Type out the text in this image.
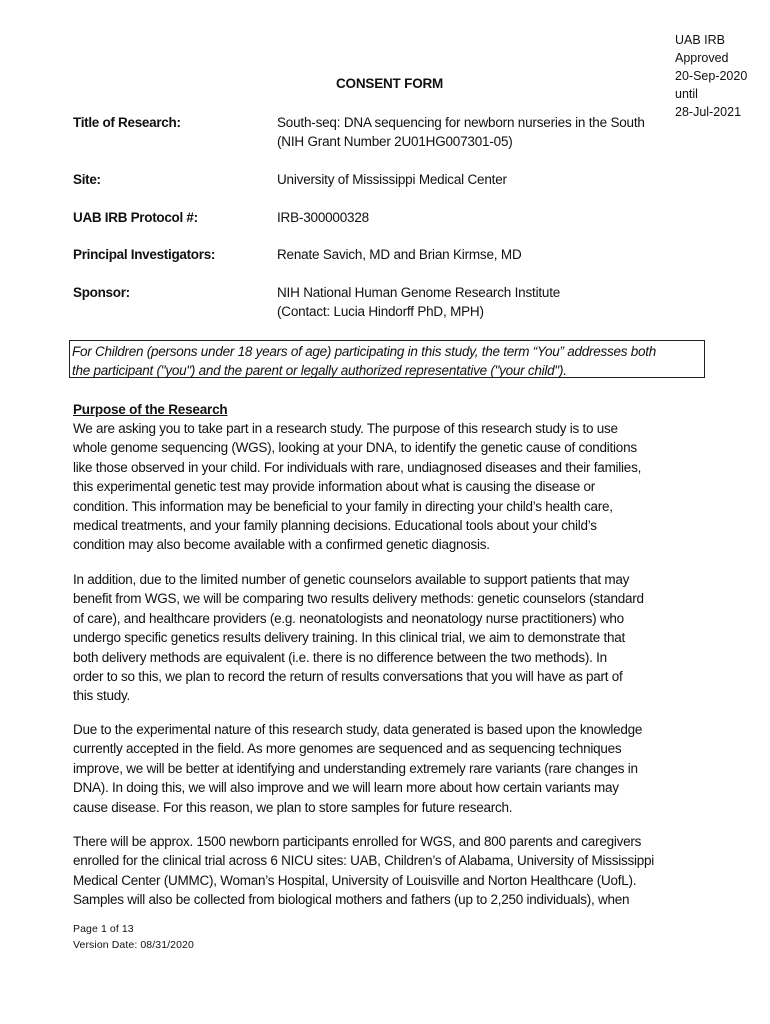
UAB IRB
Approved
20-Sep-2020
until
28-Jul-2021
CONSENT FORM
Title of Research:	South-seq: DNA sequencing for newborn nurseries in the South
(NIH Grant Number 2U01HG007301-05)
Site:	University of Mississippi Medical Center
UAB IRB Protocol #:	IRB-300000328
Principal Investigators:	Renate Savich, MD and Brian Kirmse, MD
Sponsor:	NIH National Human Genome Research Institute
(Contact: Lucia Hindorff PhD, MPH)
For Children (persons under 18 years of age) participating in this study, the term “You” addresses both
the participant ("you") and the parent or legally authorized representative ("your child").
Purpose of the Research
We are asking you to take part in a research study. The purpose of this research study is to use
whole genome sequencing (WGS), looking at your DNA, to identify the genetic cause of conditions
like those observed in your child. For individuals with rare, undiagnosed diseases and their families,
this experimental genetic test may provide information about what is causing the disease or
condition. This information may be beneficial to your family in directing your child’s health care,
medical treatments, and your family planning decisions. Educational tools about your child’s
condition may also become available with a confirmed genetic diagnosis.
In addition, due to the limited number of genetic counselors available to support patients that may
benefit from WGS, we will be comparing two results delivery methods: genetic counselors (standard
of care), and healthcare providers (e.g. neonatologists and neonatology nurse practitioners) who
undergo specific genetics results delivery training. In this clinical trial, we aim to demonstrate that
both delivery methods are equivalent (i.e. there is no difference between the two methods). In
order to so this, we plan to record the return of results conversations that you will have as part of
this study.
Due to the experimental nature of this research study, data generated is based upon the knowledge
currently accepted in the field. As more genomes are sequenced and as sequencing techniques
improve, we will be better at identifying and understanding extremely rare variants (rare changes in
DNA). In doing this, we will also improve and we will learn more about how certain variants may
cause disease. For this reason, we plan to store samples for future research.
There will be approx. 1500 newborn participants enrolled for WGS, and 800 parents and caregivers
enrolled for the clinical trial across 6 NICU sites: UAB, Children’s of Alabama, University of Mississippi
Medical Center (UMMC), Woman’s Hospital, University of Louisville and Norton Healthcare (UofL).
Samples will also be collected from biological mothers and fathers (up to 2,250 individuals), when
Page 1 of 13
Version Date: 08/31/2020
